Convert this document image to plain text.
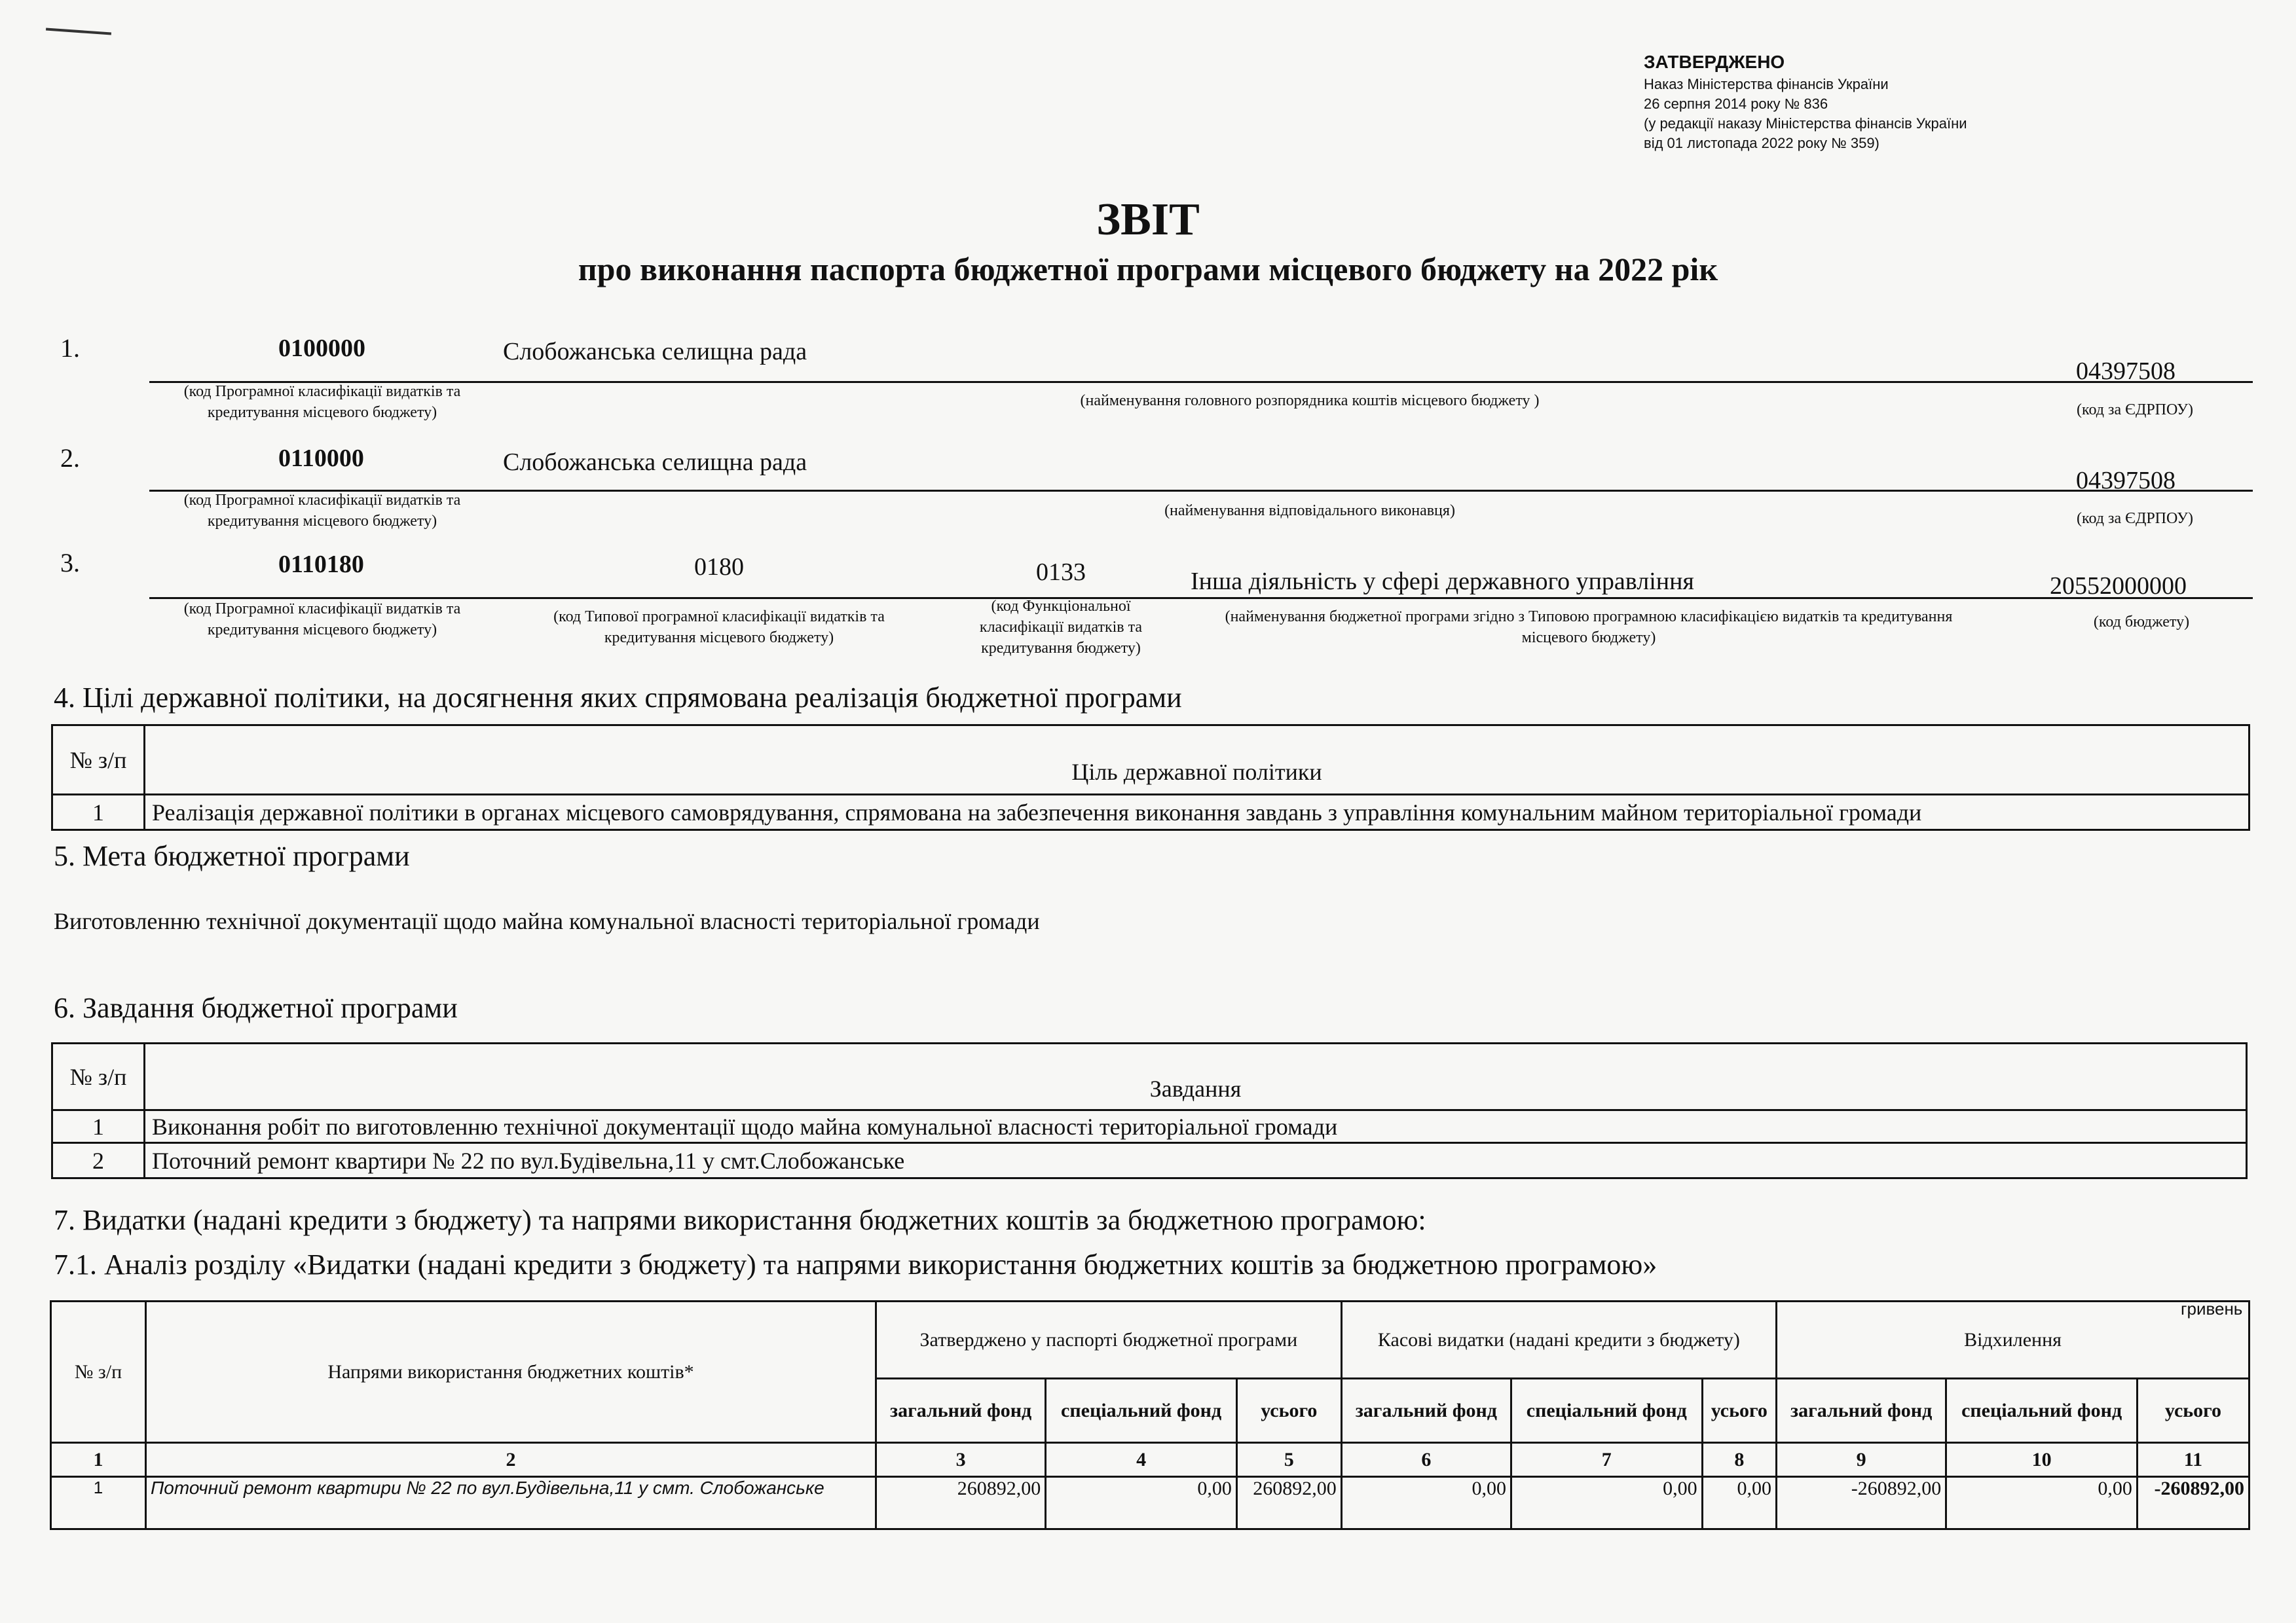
ЗАТВЕРДЖЕНО
Наказ Міністерства фінансів України
26 серпня 2014 року № 836
(у редакції наказу Міністерства фінансів України
від 01 листопада 2022 року № 359)
ЗВІТ
про виконання паспорта бюджетної програми місцевого бюджету на 2022 рік
1.	0100000	Слобожанська селищна рада
04397508
(код Програмної класифікації видатків та кредитування місцевого бюджету)
(найменування головного розпорядника коштів місцевого бюджету )
(код за ЄДРПОУ)
2.	0110000	Слобожанська селищна рада
04397508
(код Програмної класифікації видатків та кредитування місцевого бюджету)
(найменування відповідального виконавця)	(код за ЄДРПОУ)
3.	0110180	0180	0133	Інша діяльність у сфері державного управління	20552000000
(код Програмної класифікації видатків та кредитування місцевого бюджету)
(код Типової програмної класифікації видатків та кредитування місцевого бюджету)
(код Функціональної класифікації видатків та кредитування бюджету)
(найменування бюджетної програми згідно з Типовою програмною класифікацією видатків та кредитування місцевого бюджету)
(код бюджету)
4. Цілі державної політики, на досягнення яких спрямована реалізація бюджетної програми
№ з/п	Ціль державної політики
1	Реалізація державної політики в органах місцевого самоврядування, спрямована на забезпечення виконання завдань з управління комунальним майном територіальної громади
5. Мета бюджетної програми
Виготовленню технічної документації щодо майна комунальної власності територіальної громади
6. Завдання бюджетної програми
№ з/п	Завдання
1	Виконання робіт по виготовленню технічної документації щодо майна комунальної власності територіальної громади
2	Поточний ремонт квартири № 22 по вул.Будівельна,11 у смт.Слобожанське
7. Видатки (надані кредити з бюджету) та напрями використання бюджетних коштів за бюджетною програмою:
7.1. Аналіз розділу «Видатки (надані кредити з бюджету) та напрями використання бюджетних коштів за бюджетною програмою»
гривень
№ з/п	Напрями використання бюджетних коштів*	Затверджено у паспорті бюджетної програми			Касові видатки (надані кредити з бюджету)			Відхилення		
		загальний фонд	спеціальний фонд	усього	загальний фонд	спеціальний фонд	усього	загальний фонд	спеціальний фонд	усього
1	2	3	4	5	6	7	8	9	10	11
1	Поточний ремонт квартири № 22 по вул.Будівельна,11 у смт. Слобожанське	260892,00	0,00	260892,00	0,00	0,00	0,00	-260892,00	0,00	-260892,00
